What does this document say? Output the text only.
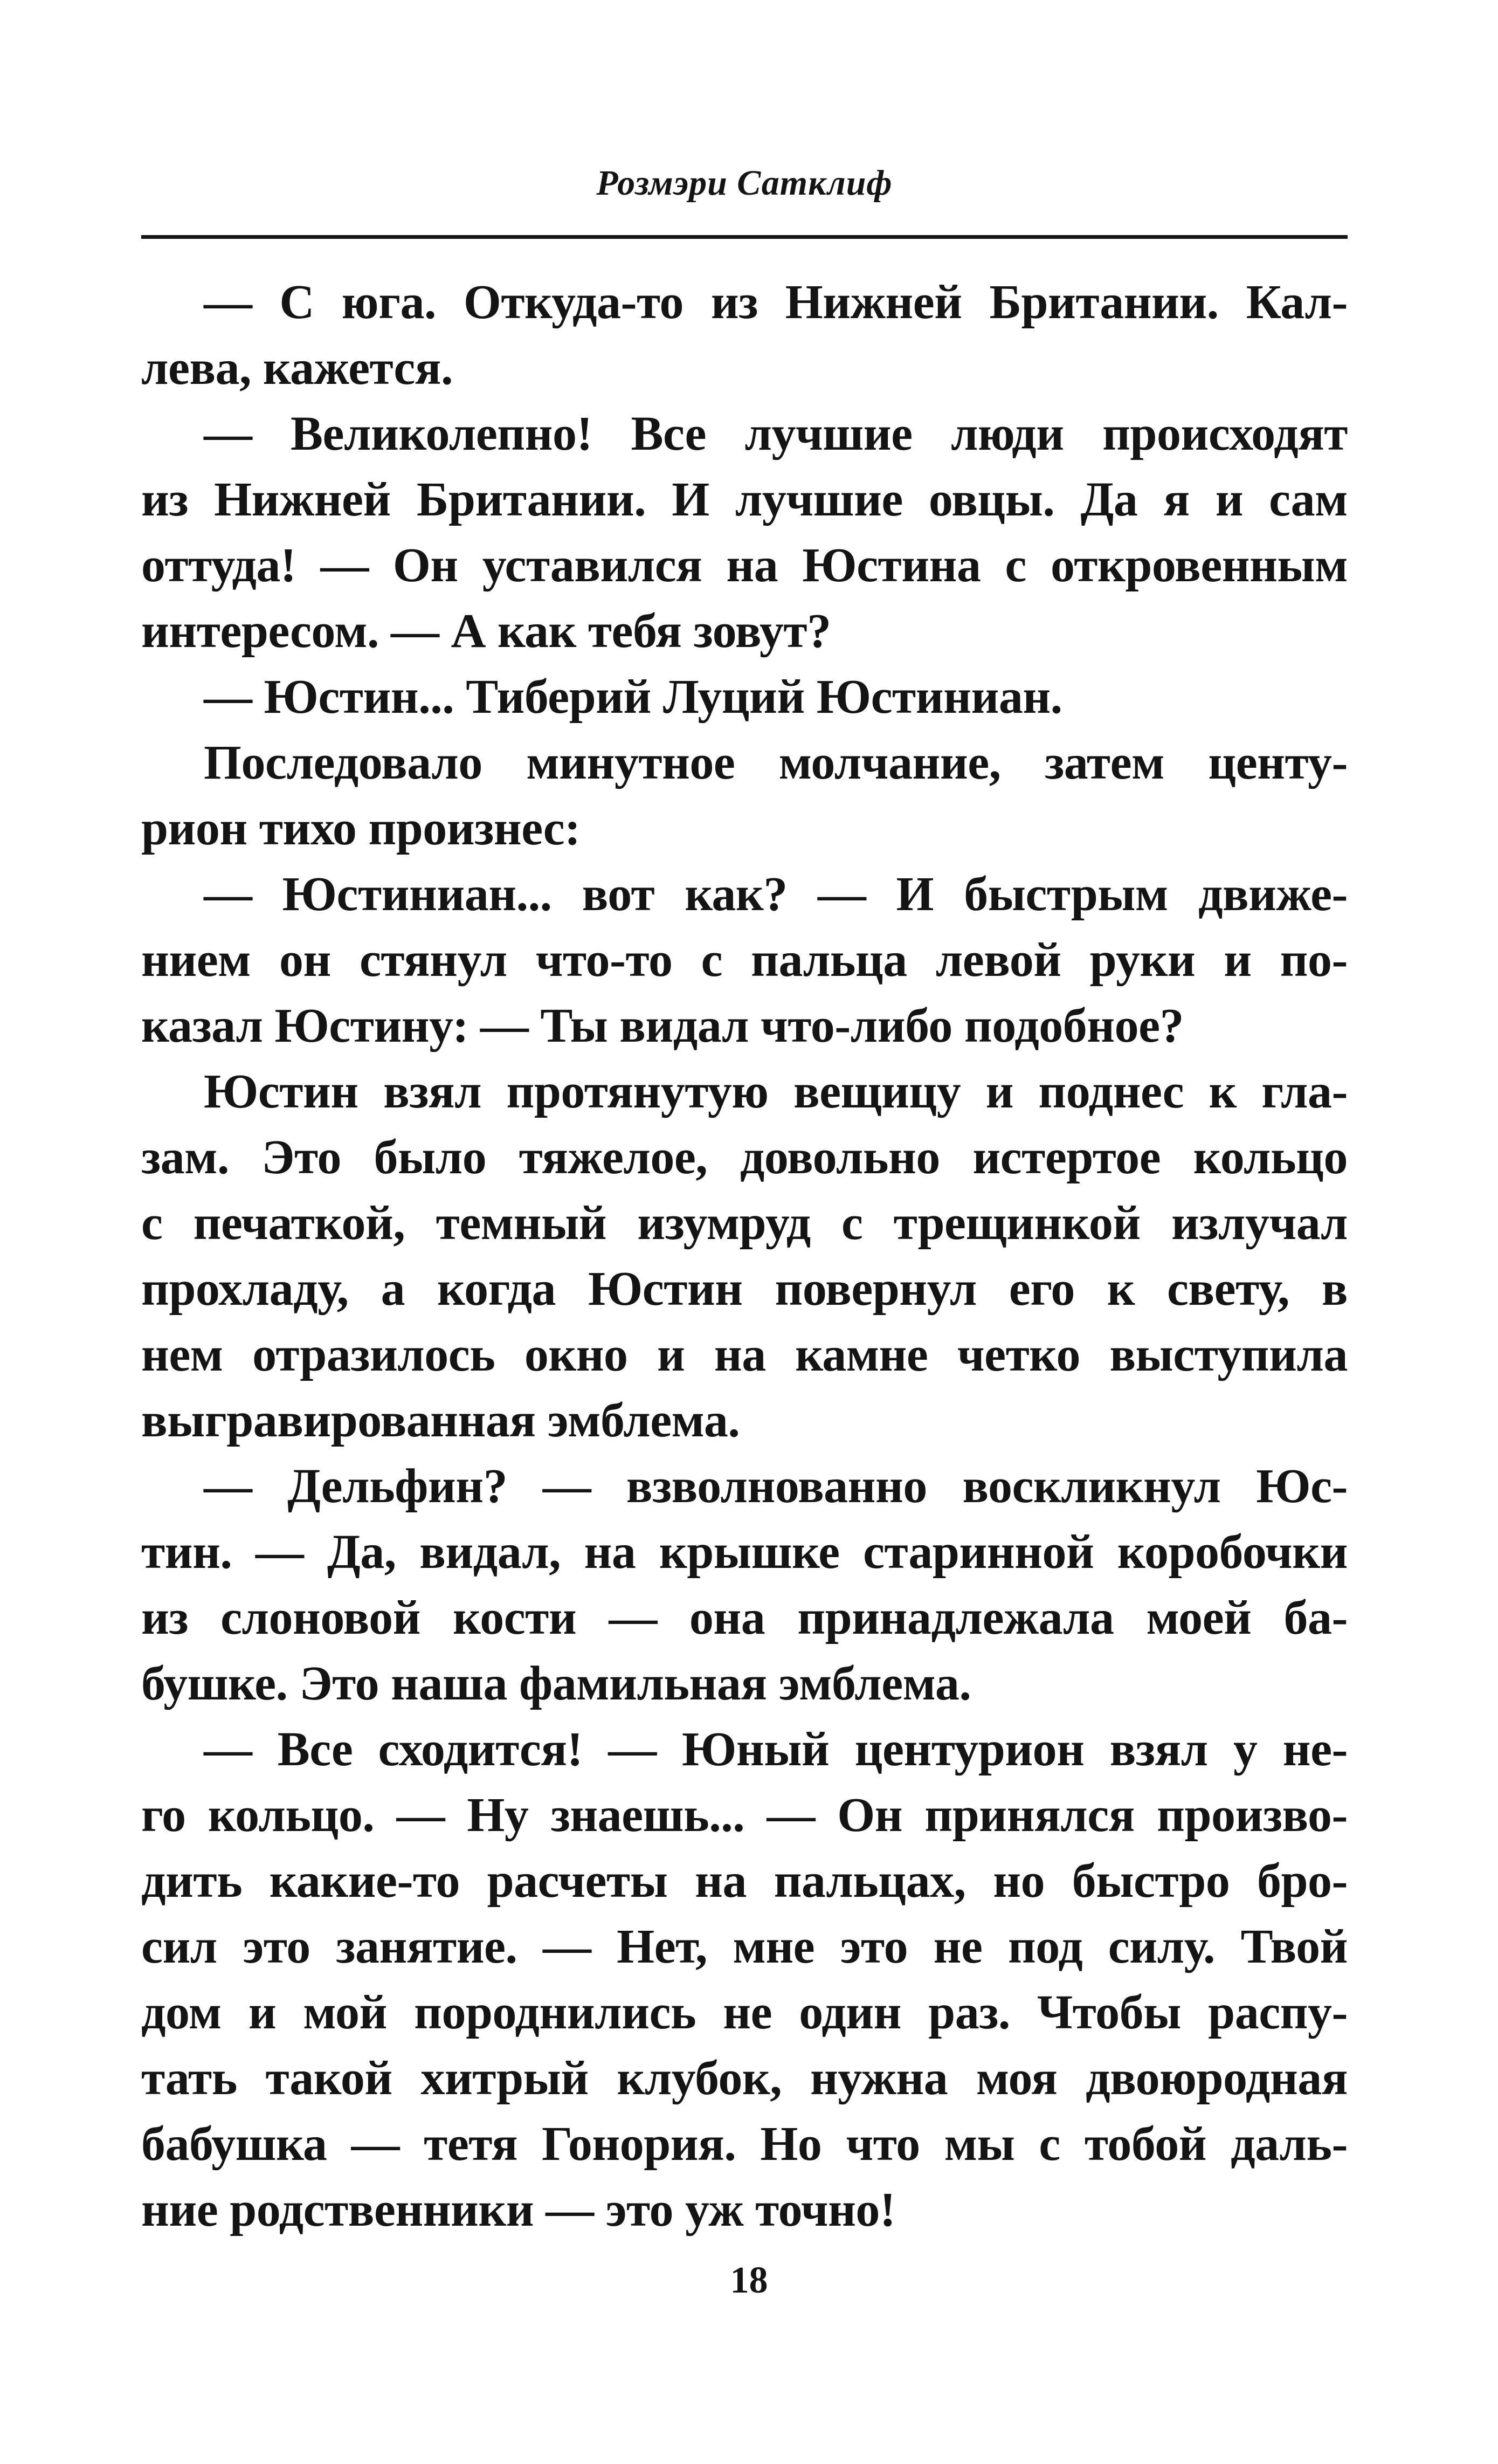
Розмэри Сатклиф
— С юга. Откуда-то из Нижней Британии. Кал-
лева, кажется.
— Великолепно! Все лучшие люди происходят
из Нижней Британии. И лучшие овцы. Да я и сам
оттуда! — Он уставился на Юстина с откровенным
интересом. — А как тебя зовут?
— Юстин... Тиберий Луций Юстиниан.
Последовало минутное молчание, затем центу-
рион тихо произнес:
— Юстиниан... вот как? — И быстрым движе-
нием он стянул что-то с пальца левой руки и по-
казал Юстину: — Ты видал что-либо подобное?
Юстин взял протянутую вещицу и поднес к гла-
зам. Это было тяжелое, довольно истертое кольцо
с печаткой, темный изумруд с трещинкой излучал
прохладу, а когда Юстин повернул его к свету, в
нем отразилось окно и на камне четко выступила
выгравированная эмблема.
— Дельфин? — взволнованно воскликнул Юс-
тин. — Да, видал, на крышке старинной коробочки
из слоновой кости — она принадлежала моей ба-
бушке. Это наша фамильная эмблема.
— Все сходится! — Юный центурион взял у не-
го кольцо. — Ну знаешь... — Он принялся произво-
дить какие-то расчеты на пальцах, но быстро бро-
сил это занятие. — Нет, мне это не под силу. Твой
дом и мой породнились не один раз. Чтобы распу-
тать такой хитрый клубок, нужна моя двоюродная
бабушка — тетя Гонория. Но что мы с тобой даль-
ние родственники — это уж точно!
18
